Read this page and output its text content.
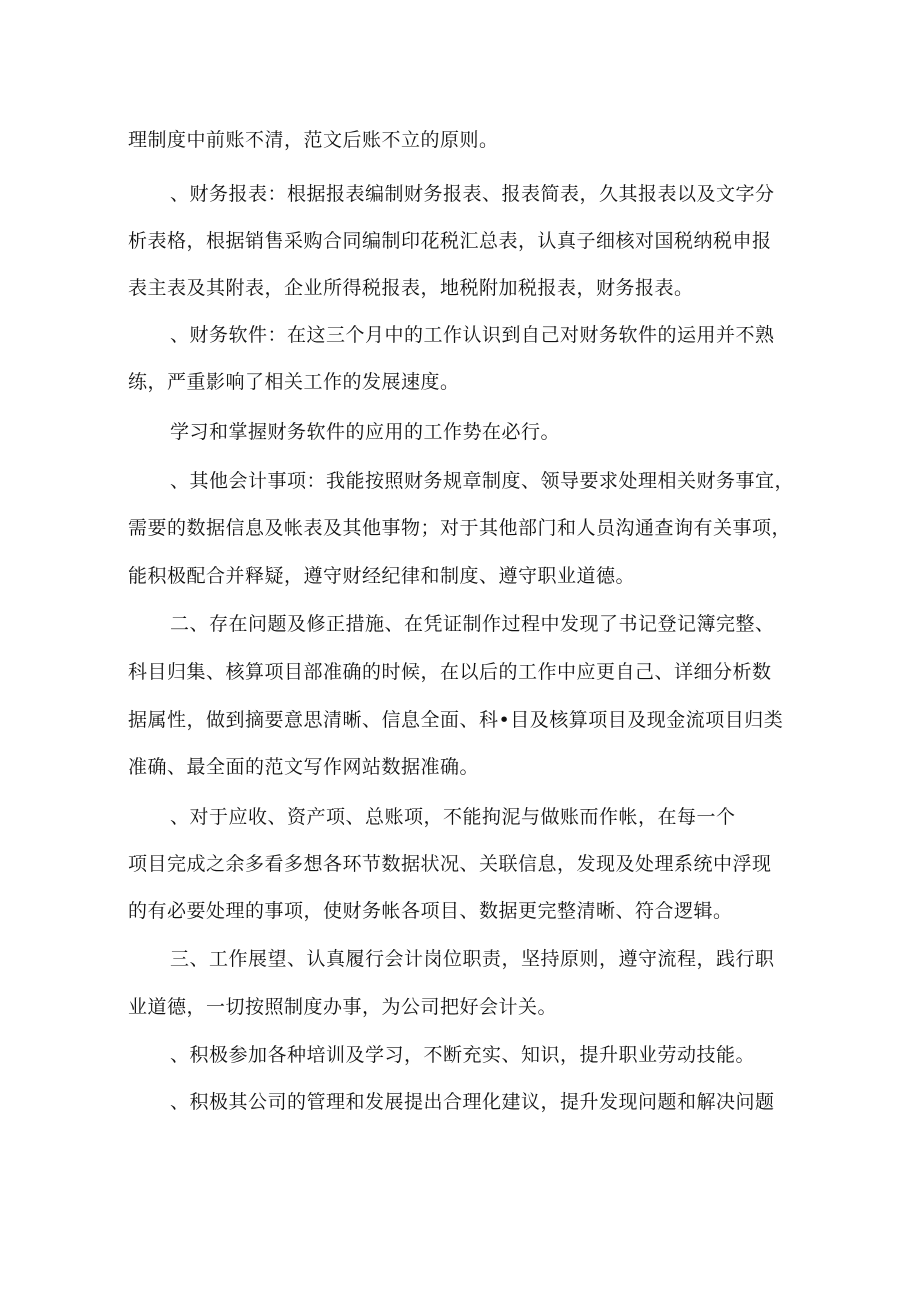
理制度中前账不清，范文后账不立的原则。
、财务报表：根据报表编制财务报表、报表简表，久其报表以及文字分
析表格，根据销售采购合同编制印花税汇总表，认真子细核对国税纳税申报
表主表及其附表，企业所得税报表，地税附加税报表，财务报表。
、财务软件：在这三个月中的工作认识到自己对财务软件的运用并不熟
练，严重影响了相关工作的发展速度。
学习和掌握财务软件的应用的工作势在必行。
、其他会计事项：我能按照财务规章制度、领导要求处理相关财务事宜，
需要的数据信息及帐表及其他事物；对于其他部门和人员沟通查询有关事项，
能积极配合并释疑，遵守财经纪律和制度、遵守职业道德。
二、存在问题及修正措施、在凭证制作过程中发现了书记登记簿完整、
科目归集、核算项目部准确的时候，在以后的工作中应更自己、详细分析数
据属性，做到摘要意思清晰、信息全面、科•目及核算项目及现金流项目归类
准确、最全面的范文写作网站数据准确。
、对于应收、资产项、总账项，不能拘泥与做账而作帐，在每一个
项目完成之余多看多想各环节数据状况、关联信息，发现及处理系统中浮现
的有必要处理的事项，使财务帐各项目、数据更完整清晰、符合逻辑。
三、工作展望、认真履行会计岗位职责，坚持原则，遵守流程，践行职
业道德，一切按照制度办事，为公司把好会计关。
、积极参加各种培训及学习，不断充实、知识，提升职业劳动技能。
、积极其公司的管理和发展提出合理化建议，提升发现问题和解决问题
